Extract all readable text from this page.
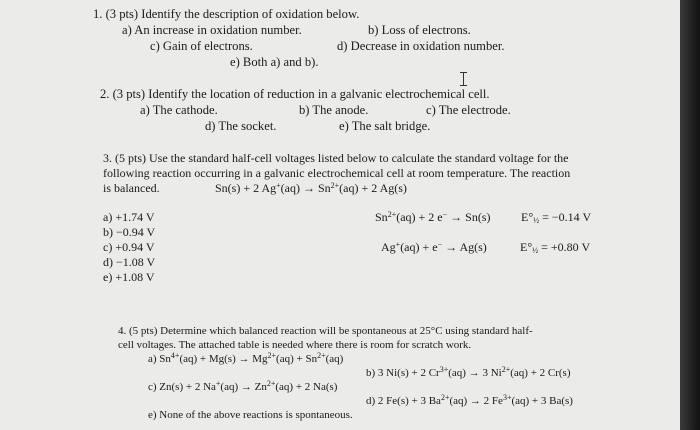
1. (3 pts) Identify the description of oxidation below.
a) An increase in oxidation number.	b) Loss of electrons.
c) Gain of electrons.	d) Decrease in oxidation number.
e) Both a) and b).
2. (3 pts) Identify the location of reduction in a galvanic electrochemical cell.
a) The cathode.	b) The anode.	c) The electrode.
d) The socket.	e) The salt bridge.
3. (5 pts) Use the standard half-cell voltages listed below to calculate the standard voltage for the
following reaction occurring in a galvanic electrochemical cell at room temperature. The reaction
is balanced.	Sn(s) + 2 $Ag^+(aq) \to Sn^{2+}(aq) + 2$ Ag(s)
a) +1.74 V
b) −0.94 V
c) +0.94 V
d) −1.08 V
e) +1.08 V
$Sn^{2+}(aq) + 2$ e− → Sn(s)	$E^\circ_{\frac{1}{2}} = -0.14$ V
Ag+(aq) + e− → Ag(s)	$E^\circ_{\frac{1}{2}} = +0.80$ V
4. (5 pts) Determine which balanced reaction will be spontaneous at 25°C using standard half-
cell voltages. The attached table is needed where there is room for scratch work.
a) $Sn^{4+}(aq) + Mg(s) \to Mg^{2+}(aq) + Sn^{2+}(aq)$
b) 3 Ni(s) + 2 $Cr^{3+}(aq) \to 3$ $Ni^{2+}(aq) + 2$ Cr(s)
c) Zn(s) + 2 $Na^+(aq) \to Zn^{2+}(aq) + 2$ Na(s)
d) 2 Fe(s) + 3 $Ba^{2+}(aq) \to 2$ $Fe^{3+}(aq) + 3$ Ba(s)
e) None of the above reactions is spontaneous.
